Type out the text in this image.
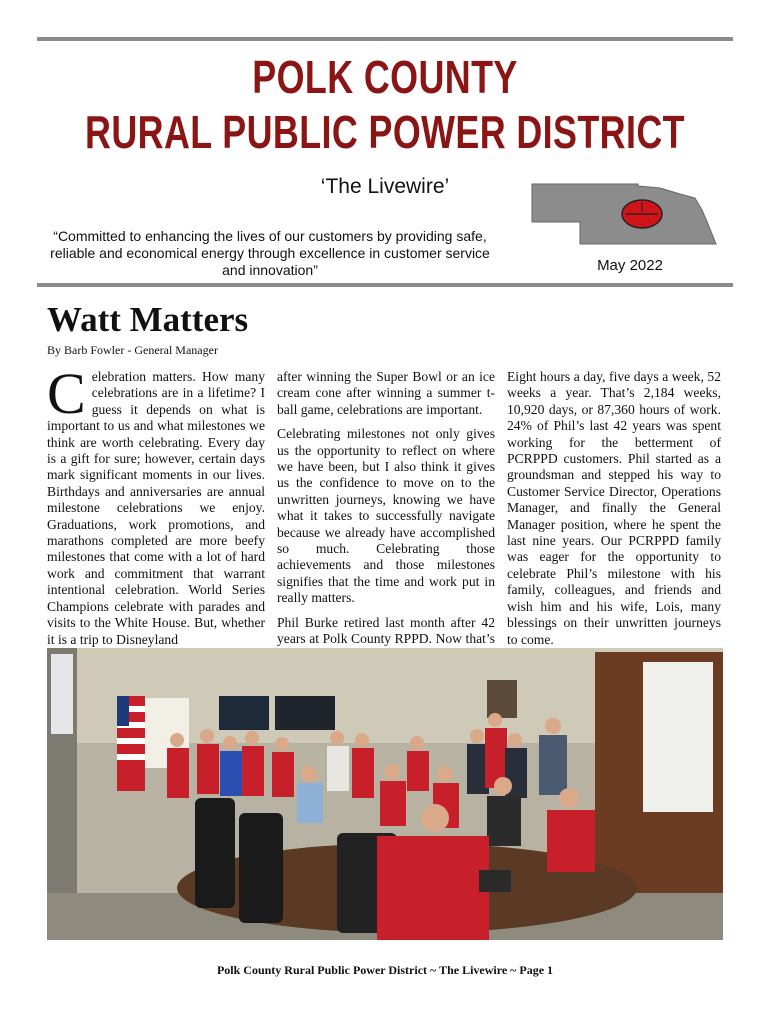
POLK COUNTY
RURAL PUBLIC POWER DISTRICT
‘The Livewire’
“Committed to enhancing the lives of our customers by providing safe, reliable and economical energy through excellence in customer service and innovation”	May 2022
Watt Matters
By Barb Fowler - General Manager

Celebration matters. How many celebrations are in a lifetime? I guess it depends on what is important to us and what milestones we think are worth celebrating. Every day is a gift for sure; however, certain days mark significant moments in our lives. Birthdays and anniversaries are annual milestone celebrations we enjoy. Graduations, work promotions, and marathons completed are more beefy milestones that come with a lot of hard work and commitment that warrant intentional celebration. World Series Champions celebrate with parades and visits to the White House. But, whether it is a trip to Disneyland

after winning the Super Bowl or an ice cream cone after winning a summer t-ball game, celebrations are important.

Celebrating milestones not only gives us the opportunity to reflect on where we have been, but I also think it gives us the confidence to move on to the unwritten journeys, knowing we have what it takes to successfully navigate because we already have accomplished so much. Celebrating those achievements and those milestones signifies that the time and work put in really matters.

Phil Burke retired last month after 42 years at Polk County RPPD. Now that’s

Eight hours a day, five days a week, 52 weeks a year. That’s 2,184 weeks, 10,920 days, or 87,360 hours of work. 24% of Phil’s last 42 years was spent working for the betterment of PCRPPD customers. Phil started as a groundsman and stepped his way to Customer Service Director, Operations Manager, and finally the General Manager position, where he spent the last nine years. Our PCRPPD family was eager for the opportunity to celebrate Phil’s milestone with his family, colleagues, and friends and wish him and his wife, Lois, many blessings on their unwritten journeys to come.

Polk County Rural Public Power District ~ The Livewire ~ Page 1
